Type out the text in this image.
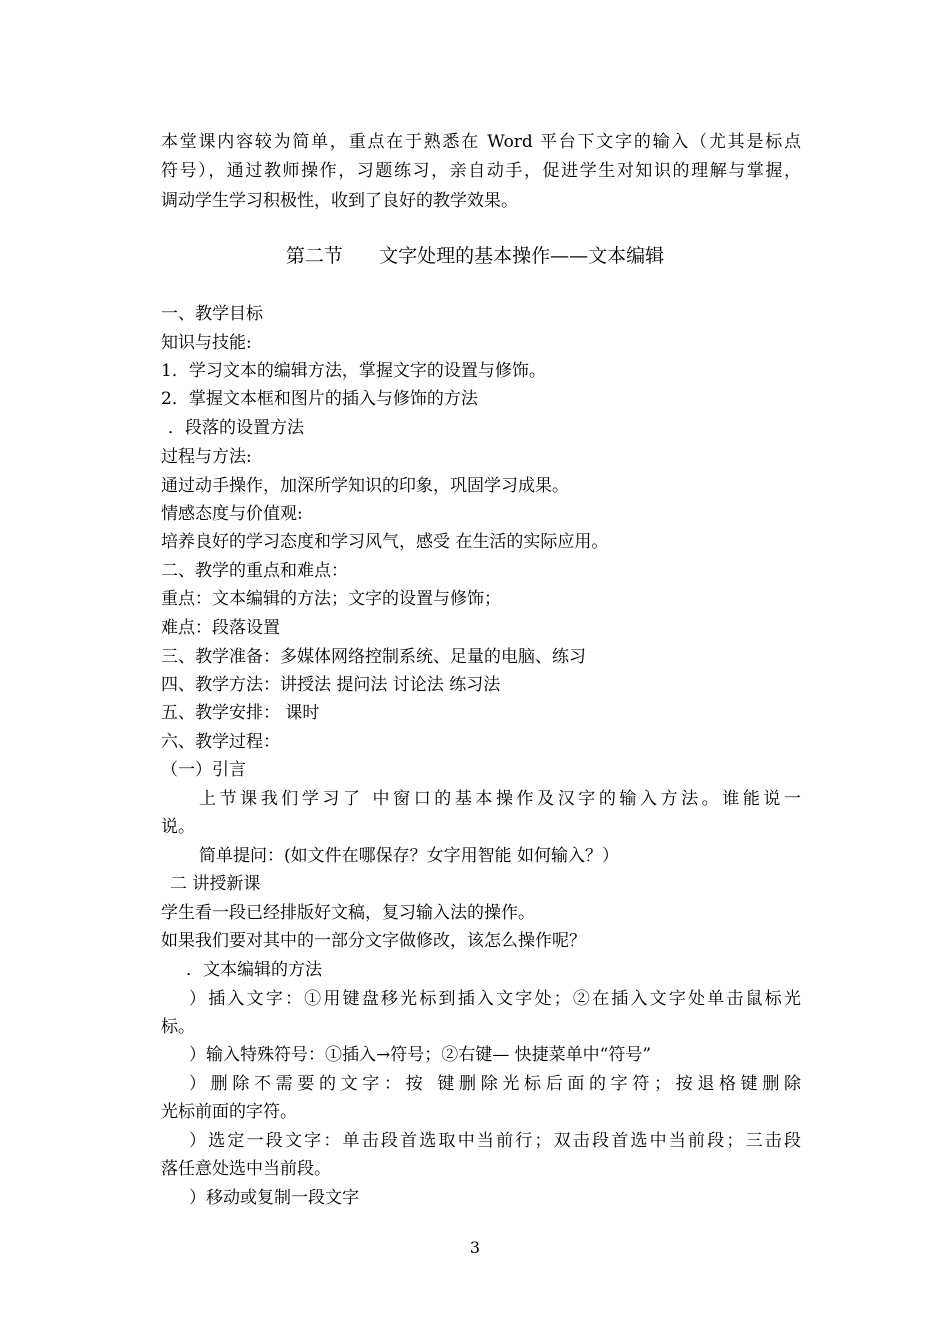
本堂课内容较为简单，重点在于熟悉在 Word 平台下文字的输入（尤其是标点
符号），通过教师操作，习题练习，亲自动手，促进学生对知识的理解与掌握，
调动学生学习积极性，收到了良好的教学效果。
第二节      文字处理的基本操作——文本编辑
一、教学目标
知识与技能:
1．学习文本的编辑方法，掌握文字的设置与修饰。
2．掌握文本框和图片的插入与修饰的方法
．段落的设置方法
过程与方法:
通过动手操作，加深所学知识的印象，巩固学习成果。
情感态度与价值观:
培养良好的学习态度和学习风气，感受 在生活的实际应用。
二、教学的重点和难点：
重点：文本编辑的方法；文字的设置与修饰；
难点：段落设置
三、教学准备：多媒体网络控制系统、足量的电脑、练习
四、教学方法：讲授法 提问法 讨论法 练习法
五、教学安排： 课时
六、教学过程：
（一）引言
上节课我们学习了 中窗口的基本操作及汉字的输入方法。谁能说一
说。
简单提问：(如文件在哪保存？女字用智能 如何输入？）
二 讲授新课
学生看一段已经排版好文稿，复习输入法的操作。
如果我们要对其中的一部分文字做修改，该怎么操作呢？
．文本编辑的方法
）插入文字：①用键盘移光标到插入文字处；②在插入文字处单击鼠标光
标。
）输入特殊符号：①插入→符号；②右键— 快捷菜单中“符号”
）删除不需要的文字：按 键删除光标后面的字符；按退格键删除
光标前面的字符。
）选定一段文字：单击段首选取中当前行；双击段首选中当前段；三击段
落任意处选中当前段。
）移动或复制一段文字
3
